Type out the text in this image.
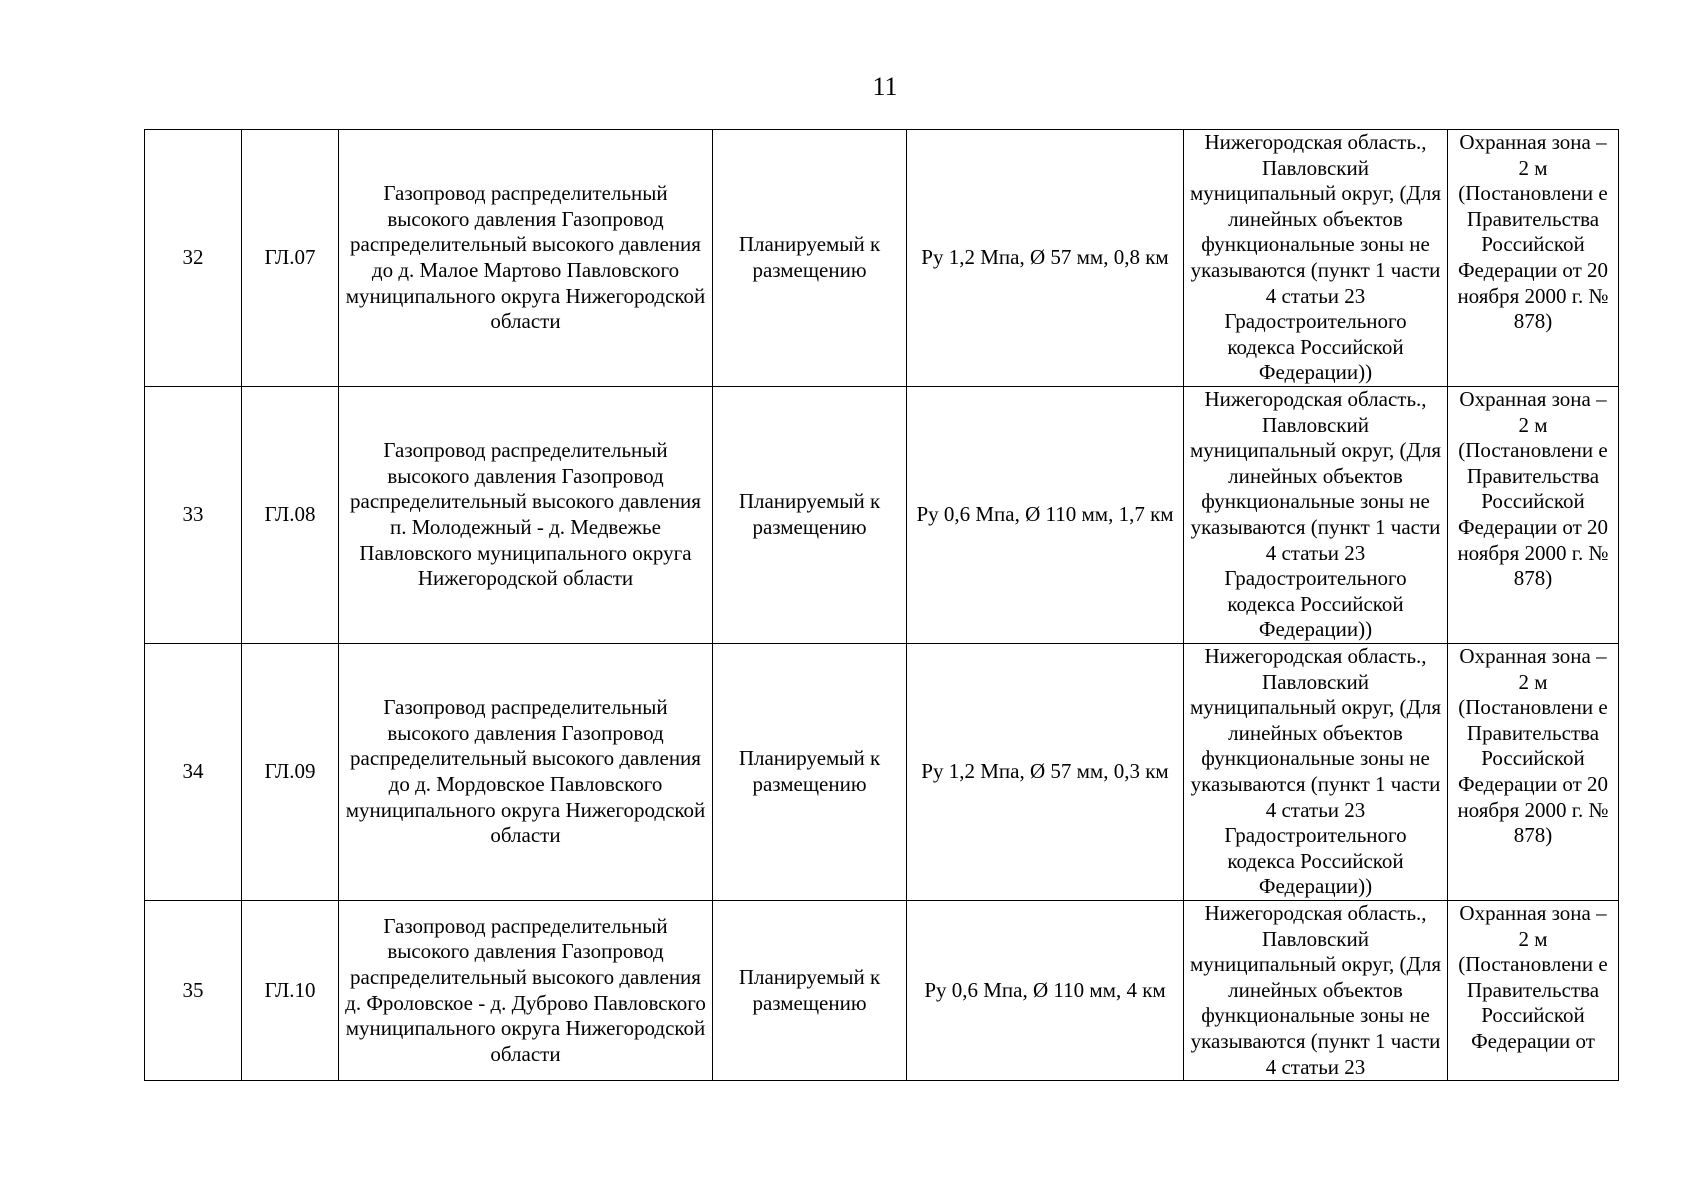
11
32	ГЛ.07	Газопровод распределительный высокого давления Газопровод распределительный высокого давления до д. Малое Мартово Павловского муниципального округа Нижегородской области	Планируемый к размещению	Ру 1,2 Мпа, Ø 57 мм, 0,8 км	Нижегородская область., Павловский муниципальный округ, (Для линейных объектов функциональные зоны не указываются (пункт 1 части 4 статьи 23 Градостроительного кодекса Российской Федерации))	Охранная зона – 2 м (Постановлени е Правительства Российской Федерации от 20 ноября 2000 г. № 878)

33	ГЛ.08	Газопровод распределительный высокого давления Газопровод распределительный высокого давления п. Молодежный - д. Медвежье Павловского муниципального округа Нижегородской области	Планируемый к размещению	Ру 0,6 Мпа, Ø 110 мм, 1,7 км	Нижегородская область., Павловский муниципальный округ, (Для линейных объектов функциональные зоны не указываются (пункт 1 части 4 статьи 23 Градостроительного кодекса Российской Федерации))	Охранная зона – 2 м (Постановлени е Правительства Российской Федерации от 20 ноября 2000 г. № 878)

34	ГЛ.09	Газопровод распределительный высокого давления Газопровод распределительный высокого давления до д. Мордовское Павловского муниципального округа Нижегородской области	Планируемый к размещению	Ру 1,2 Мпа, Ø 57 мм, 0,3 км	Нижегородская область., Павловский муниципальный округ, (Для линейных объектов функциональные зоны не указываются (пункт 1 части 4 статьи 23 Градостроительного кодекса Российской Федерации))	Охранная зона – 2 м (Постановлени е Правительства Российской Федерации от 20 ноября 2000 г. № 878)

35	ГЛ.10	Газопровод распределительный высокого давления Газопровод распределительный высокого давления д. Фроловское - д. Дуброво Павловского муниципального округа Нижегородской области	Планируемый к размещению	Ру 0,6 Мпа, Ø 110 мм, 4 км	Нижегородская область., Павловский муниципальный округ, (Для линейных объектов функциональные зоны не указываются (пункт 1 части 4 статьи 23	Охранная зона – 2 м (Постановлени е Правительства Российской Федерации от
